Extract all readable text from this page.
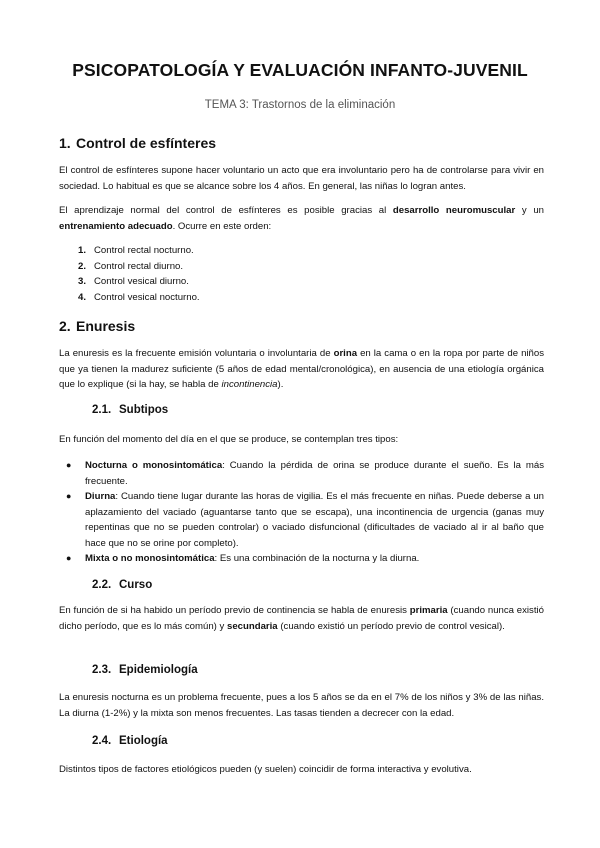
PSICOPATOLOGÍA Y EVALUACIÓN INFANTO-JUVENIL
TEMA 3: Trastornos de la eliminación
1. Control de esfínteres

El control de esfínteres supone hacer voluntario un acto que era involuntario pero ha de controlarse para vivir en sociedad. Lo habitual es que se alcance sobre los 4 años. En general, las niñas lo logran antes.

El aprendizaje normal del control de esfínteres es posible gracias al desarrollo neuromuscular y un entrenamiento adecuado. Ocurre en este orden:

1. Control rectal nocturno.
2. Control rectal diurno.
3. Control vesical diurno.
4. Control vesical nocturno.
2. Enuresis

La enuresis es la frecuente emisión voluntaria o involuntaria de orina en la cama o en la ropa por parte de niños que ya tienen la madurez suficiente (5 años de edad mental/cronológica), en ausencia de una etiología orgánica que lo explique (si la hay, se habla de incontinencia).

2.1. Subtipos

En función del momento del día en el que se produce, se contemplan tres tipos:

● Nocturna o monosintomática: Cuando la pérdida de orina se produce durante el sueño. Es la más frecuente.
● Diurna: Cuando tiene lugar durante las horas de vigilia. Es el más frecuente en niñas. Puede deberse a un aplazamiento del vaciado (aguantarse tanto que se escapa), una incontinencia de urgencia (ganas muy repentinas que no se pueden controlar) o vaciado disfuncional (dificultades de vaciado al ir al baño que hace que no se orine por completo).
● Mixta o no monosintomática: Es una combinación de la nocturna y la diurna.
2.2. Curso

En función de si ha habido un período previo de continencia se habla de enuresis primaria (cuando nunca existió dicho período, que es lo más común) y secundaria (cuando existió un período previo de control vesical).

2.3. Epidemiología

La enuresis nocturna es un problema frecuente, pues a los 5 años se da en el 7% de los niños y 3% de las niñas. La diurna (1-2%) y la mixta son menos frecuentes. Las tasas tienden a decrecer con la edad.

2.4. Etiología

Distintos tipos de factores etiológicos pueden (y suelen) coincidir de forma interactiva y evolutiva.
